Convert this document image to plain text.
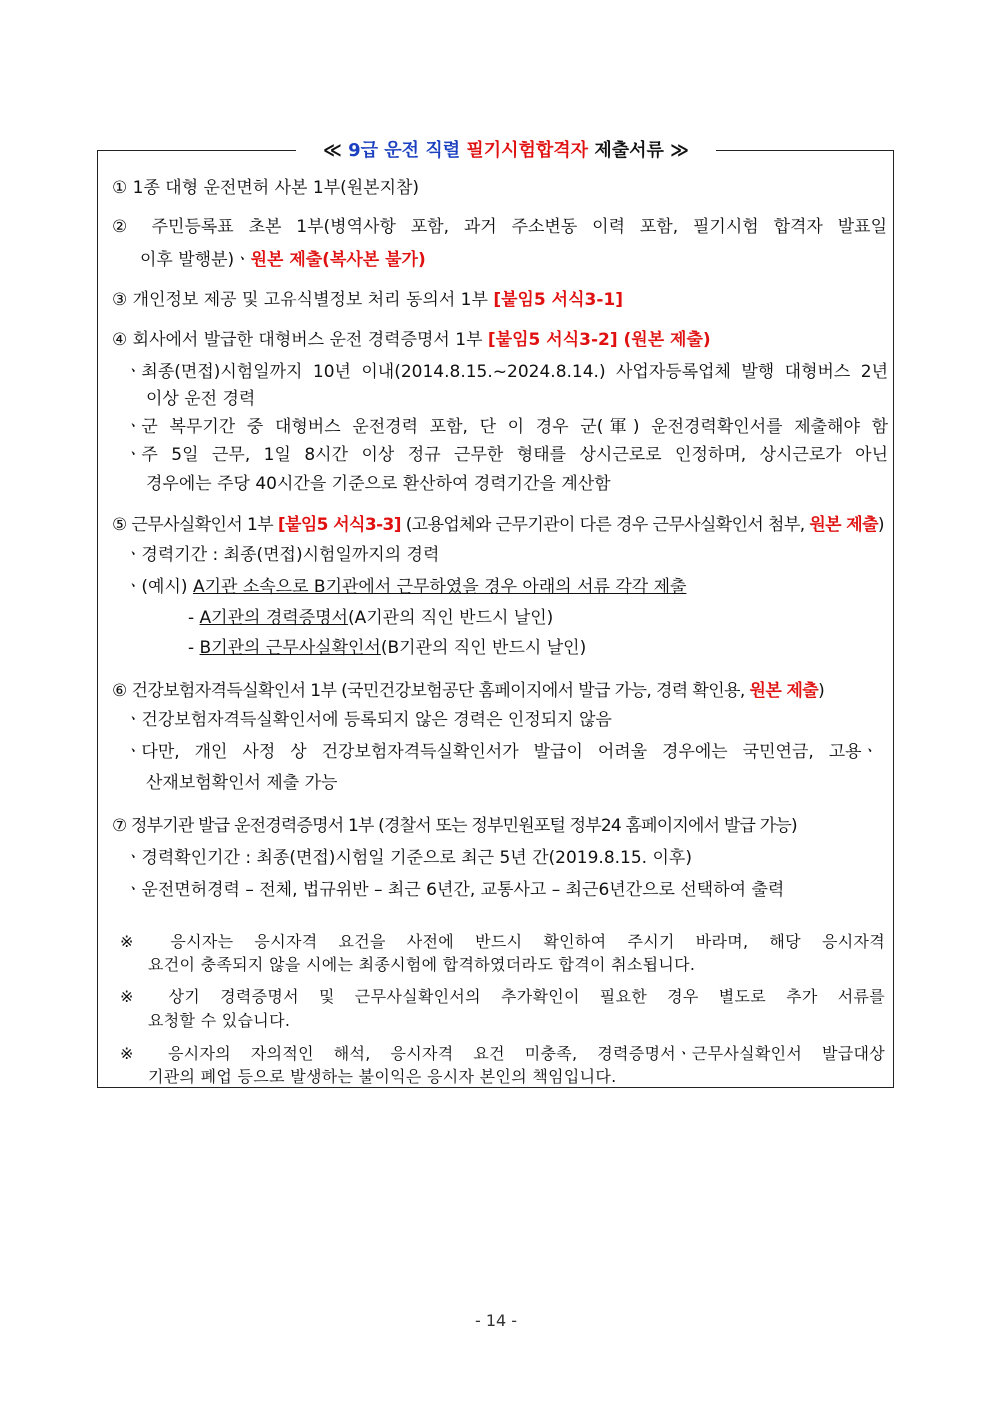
≪ 9급 운전 직렬 필기시험합격자 제출서류 ≫
① 1종 대형 운전면허 사본 1부(원본지참)
② 주민등록표 초본 1부(병역사항 포함, 과거 주소변동 이력 포함, 필기시험 합격자 발표일
이후 발행분)ㆍ원본 제출(복사본 불가)
③ 개인정보 제공 및 고유식별정보 처리 동의서 1부 [붙임5 서식3-1]
④ 회사에서 발급한 대형버스 운전 경력증명서 1부 [붙임5 서식3-2] (원본 제출)
ㆍ최종(면접)시험일까지 10년 이내(2014.8.15.~2024.8.14.) 사업자등록업체 발행 대형버스 2년
이상 운전 경력
ㆍ군 복무기간 중 대형버스 운전경력 포함, 단 이 경우 군(軍) 운전경력확인서를 제출해야 함
ㆍ주 5일 근무, 1일 8시간 이상 정규 근무한 형태를 상시근로로 인정하며, 상시근로가 아닌
경우에는 주당 40시간을 기준으로 환산하여 경력기간을 계산함
⑤ 근무사실확인서 1부 [붙임5 서식3-3] (고용업체와 근무기관이 다른 경우 근무사실확인서 첨부, 원본 제출)
ㆍ경력기간 : 최종(면접)시험일까지의 경력
ㆍ(예시) A기관 소속으로 B기관에서 근무하였을 경우 아래의 서류 각각 제출
- A기관의 경력증명서(A기관의 직인 반드시 날인)
- B기관의 근무사실확인서(B기관의 직인 반드시 날인)
⑥ 건강보험자격득실확인서 1부 (국민건강보험공단 홈페이지에서 발급 가능, 경력 확인용, 원본 제출)
ㆍ건강보험자격득실확인서에 등록되지 않은 경력은 인정되지 않음
ㆍ다만, 개인 사정 상 건강보험자격득실확인서가 발급이 어려울 경우에는 국민연금, 고용ㆍ
산재보험확인서 제출 가능
⑦ 정부기관 발급 운전경력증명서 1부 (경찰서 또는 정부민원포털 정부24 홈페이지에서 발급 가능)
ㆍ경력확인기간 : 최종(면접)시험일 기준으로 최근 5년 간(2019.8.15. 이후)
ㆍ운전면허경력 – 전체, 법규위반 – 최근 6년간, 교통사고 – 최근6년간으로 선택하여 출력
※ 응시자는 응시자격 요건을 사전에 반드시 확인하여 주시기 바라며, 해당 응시자격
요건이 충족되지 않을 시에는 최종시험에 합격하였더라도 합격이 취소됩니다.
※ 상기 경력증명서 및 근무사실확인서의 추가확인이 필요한 경우 별도로 추가 서류를
요청할 수 있습니다.
※ 응시자의 자의적인 해석, 응시자격 요건 미충족, 경력증명서ㆍ근무사실확인서 발급대상
기관의 폐업 등으로 발생하는 불이익은 응시자 본인의 책임입니다.
- 14 -
